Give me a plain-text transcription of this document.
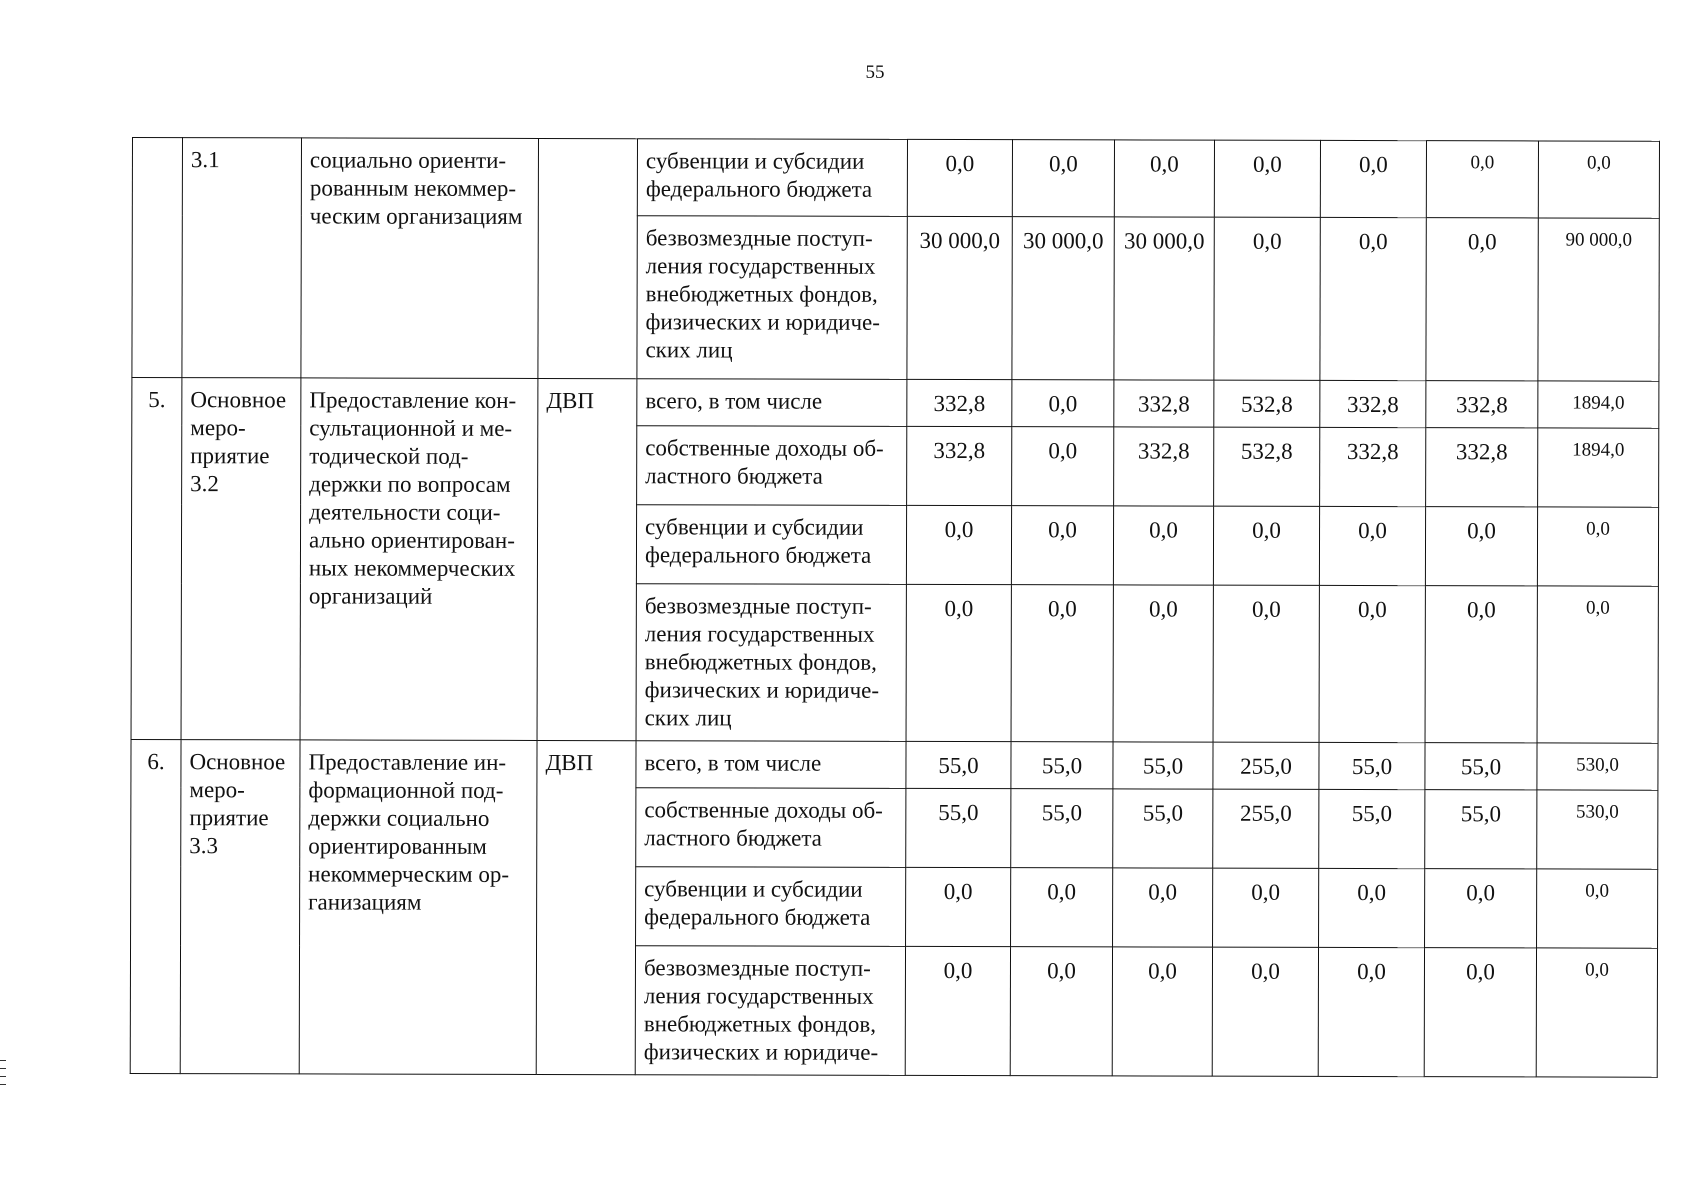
55
	3.1	социально ориенти-рованным некоммер-ческим организациям		субвенции и субсидии федерального бюджета	0,0	0,0	0,0	0,0	0,0	0,0	0,0
				безвозмездные поступ-ления государственных внебюджетных фондов, физических и юридиче-ских лиц	30 000,0	30 000,0	30 000,0	0,0	0,0	0,0	90 000,0
5.	Основное меро-приятие 3.2	Предоставление кон-сультационной и ме-тодической под-держки по вопросам деятельности соци-ально ориентирован-ных некоммерческих организаций	ДВП	всего, в том числе	332,8	0,0	332,8	532,8	332,8	332,8	1894,0
				собственные доходы об-ластного бюджета	332,8	0,0	332,8	532,8	332,8	332,8	1894,0
				субвенции и субсидии федерального бюджета	0,0	0,0	0,0	0,0	0,0	0,0	0,0
				безвозмездные поступ-ления государственных внебюджетных фондов, физических и юридиче-ских лиц	0,0	0,0	0,0	0,0	0,0	0,0	0,0
6.	Основное меро-приятие 3.3	Предоставление ин-формационной под-держки социально ориентированным некоммерческим ор-ганизациям	ДВП	всего, в том числе	55,0	55,0	55,0	255,0	55,0	55,0	530,0
				собственные доходы об-ластного бюджета	55,0	55,0	55,0	255,0	55,0	55,0	530,0
				субвенции и субсидии федерального бюджета	0,0	0,0	0,0	0,0	0,0	0,0	0,0
				безвозмездные поступ-ления государственных внебюджетных фондов, физических и юридиче-	0,0	0,0	0,0	0,0	0,0	0,0	0,0
